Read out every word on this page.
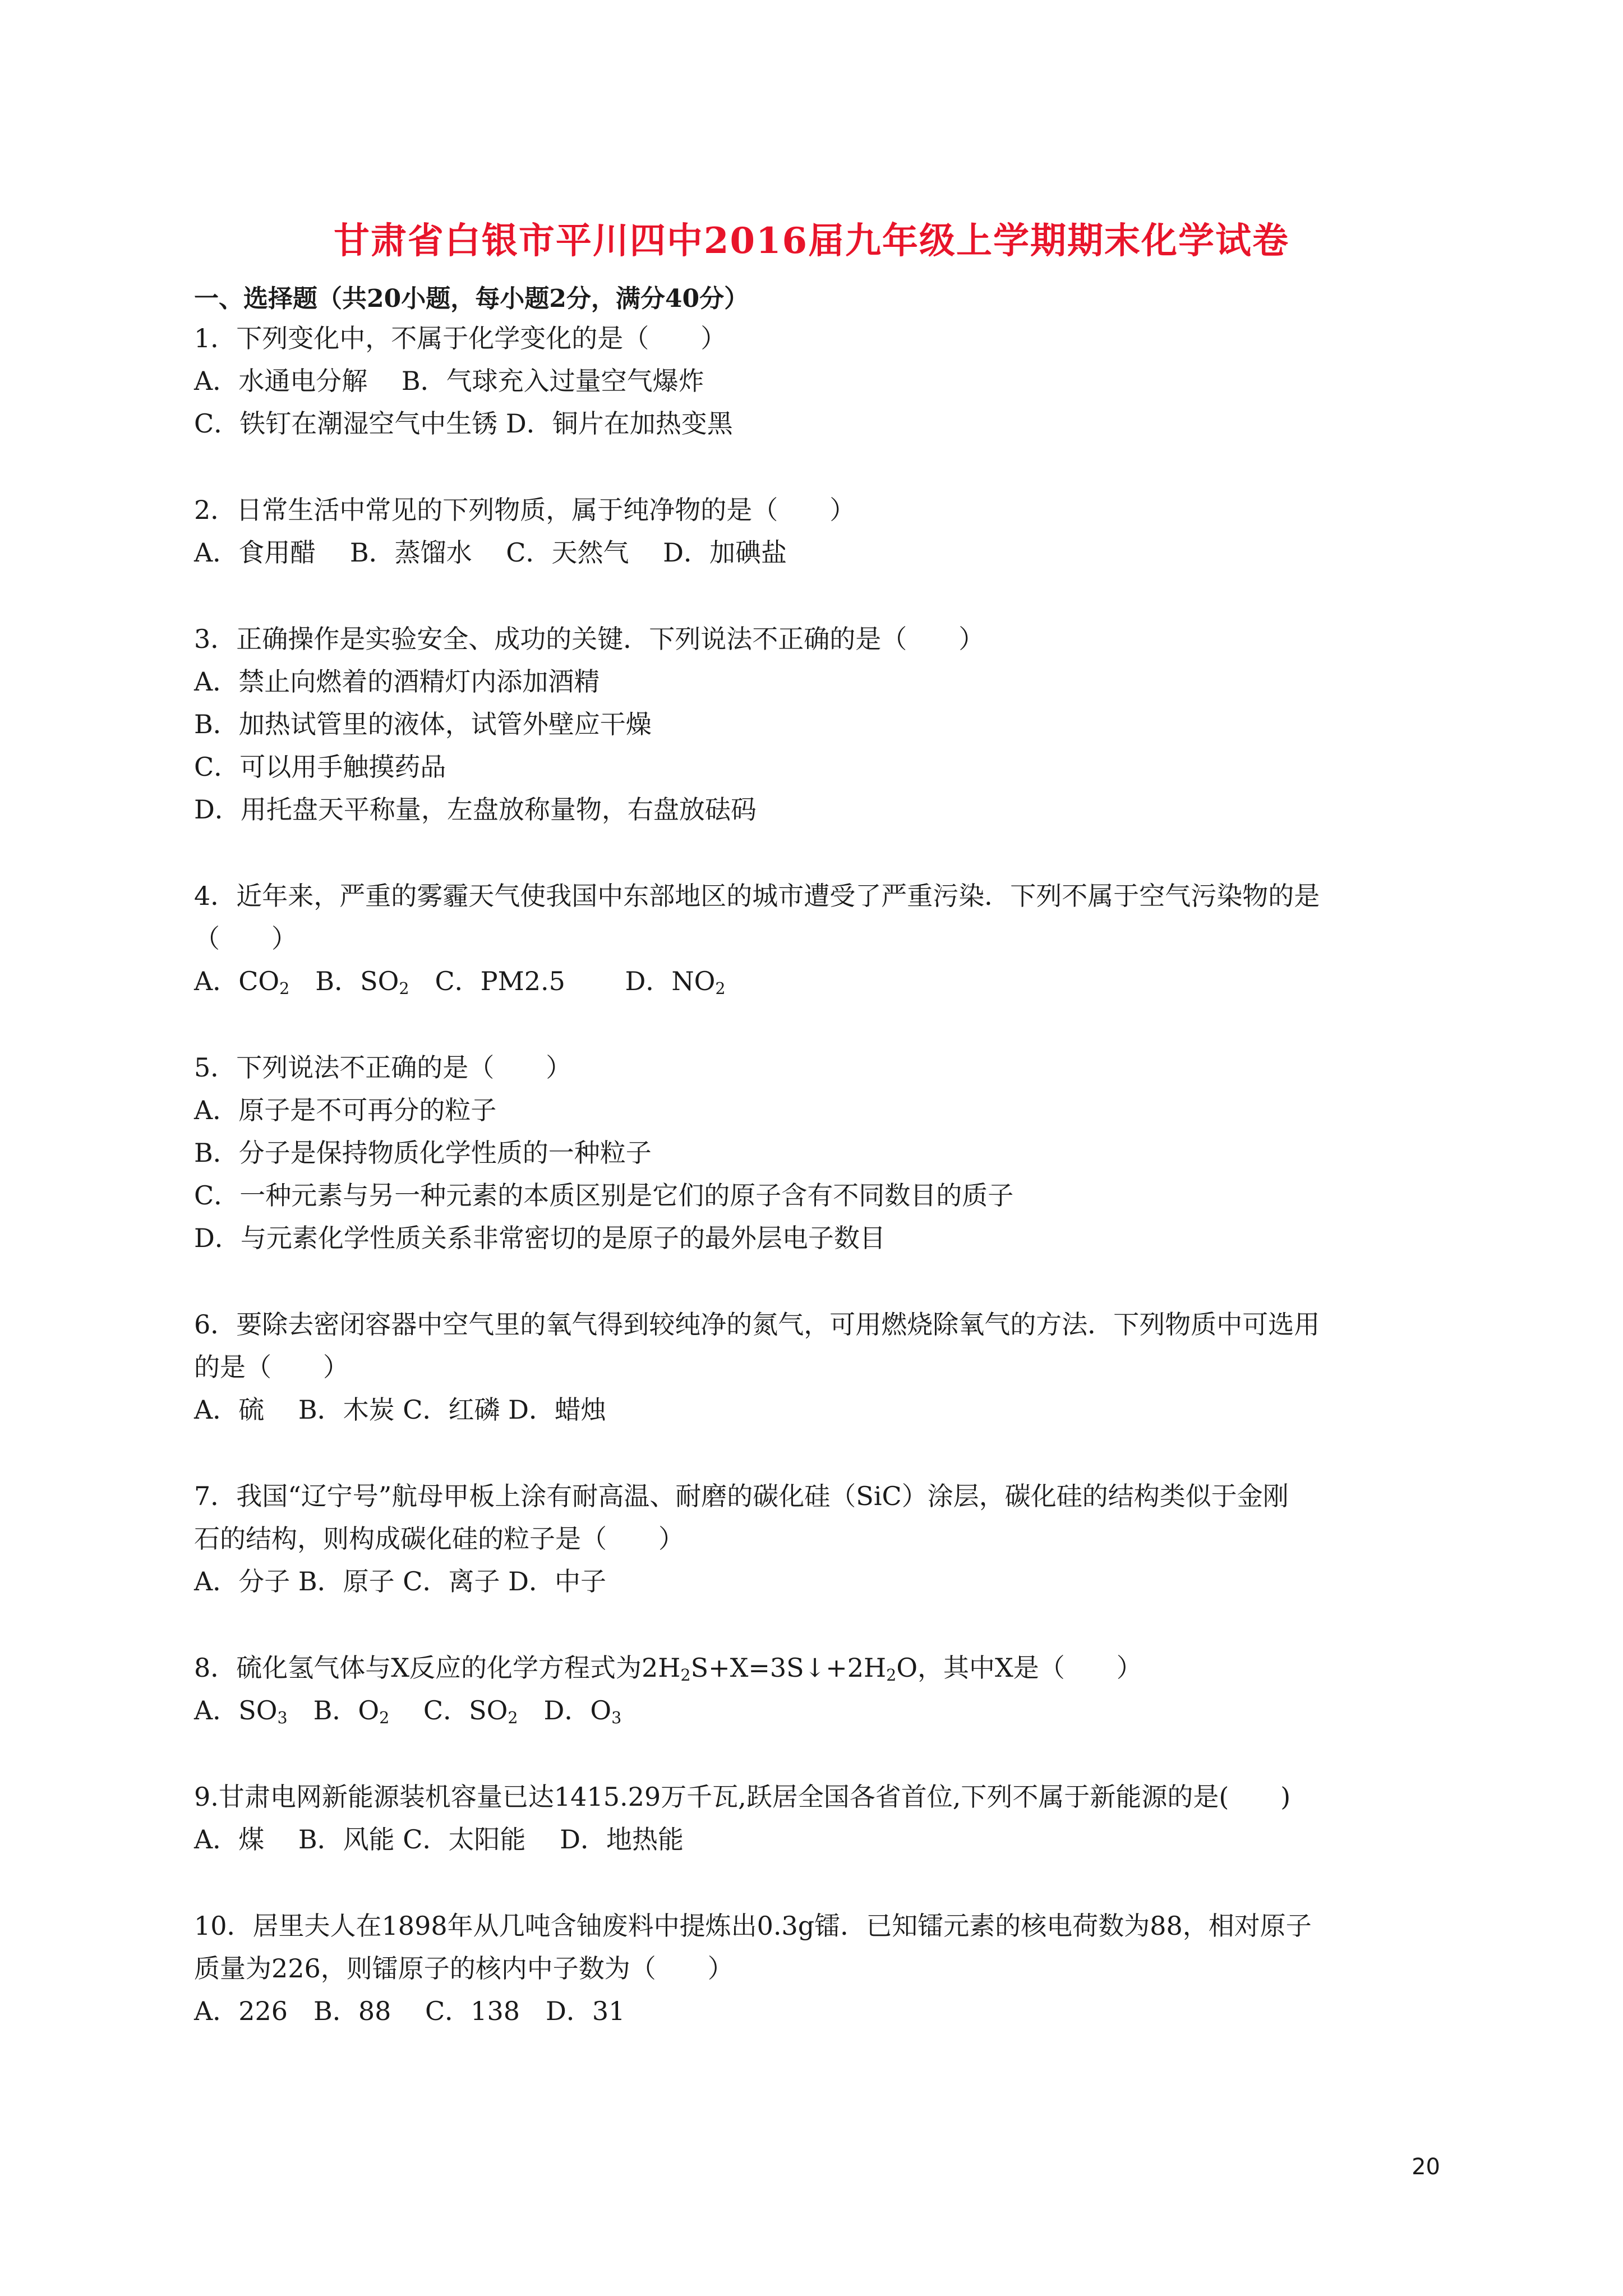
甘肃省白银市平川四中2016届九年级上学期期末化学试卷
一、选择题（共20小题，每小题2分，满分40分）
1．下列变化中，不属于化学变化的是（　　）
A．水通电分解　 B．气球充入过量空气爆炸
C．铁钉在潮湿空气中生锈 D．铜片在加热变黑
2．日常生活中常见的下列物质，属于纯净物的是（　　）
A．食用醋　 B．蒸馏水　 C．天然气　 D．加碘盐
3．正确操作是实验安全、成功的关键．下列说法不正确的是（　　）
A．禁止向燃着的酒精灯内添加酒精
B．加热试管里的液体，试管外壁应干燥
C．可以用手触摸药品
D．用托盘天平称量，左盘放称量物，右盘放砝码
4．近年来，严重的雾霾天气使我国中东部地区的城市遭受了严重污染．下列不属于空气污染物的是
（　　）
A．$CO_2$　B．$SO_2$　C．PM2.5　　 D．$NO_2$
5．下列说法不正确的是（　　）
A．原子是不可再分的粒子
B．分子是保持物质化学性质的一种粒子
C．一种元素与另一种元素的本质区别是它们的原子含有不同数目的质子
D．与元素化学性质关系非常密切的是原子的最外层电子数目
6．要除去密闭容器中空气里的氧气得到较纯净的氮气，可用燃烧除氧气的方法．下列物质中可选用
的是（　　）
A．硫　 B．木炭 C．红磷 D．蜡烛
7．我国“辽宁号”航母甲板上涂有耐高温、耐磨的碳化硅（SiC）涂层，碳化硅的结构类似于金刚
石的结构，则构成碳化硅的粒子是（　　）
A．分子 B．原子 C．离子 D．中子
8．硫化氢气体与X反应的化学方程式为$2H_2S+X=3S↓+2H_2O$，其中X是（　　）
A．$SO_3$　B．$O_2$　 C．$SO_2$　D．$O_3$
9.甘肃电网新能源装机容量已达1415.29万千瓦,跃居全国各省首位,下列不属于新能源的是(　　)
A．煤　 B．风能 C．太阳能　 D．地热能
10．居里夫人在1898年从几吨含铀废料中提炼出0.3g镭．已知镭元素的核电荷数为88，相对原子
质量为226，则镭原子的核内中子数为（　　）
A．226　B．88　 C．138　D．31
20
